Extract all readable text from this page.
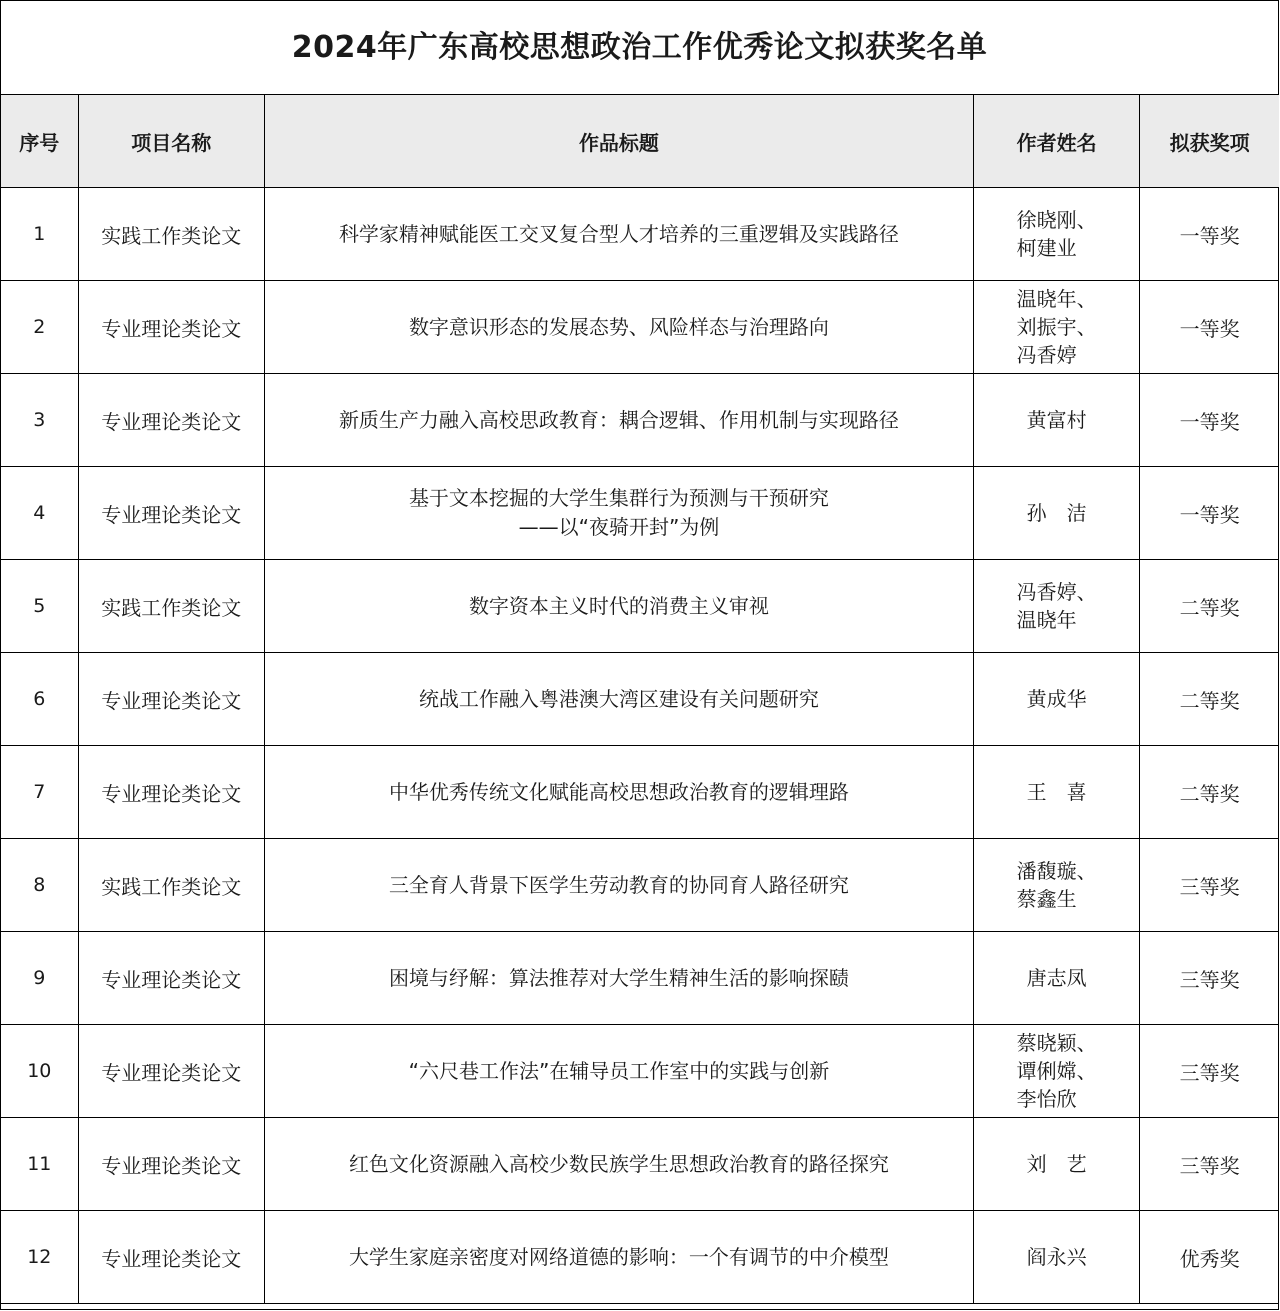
2024年广东高校思想政治工作优秀论文拟获奖名单
序号	项目名称	作品标题	作者姓名	拟获奖项
1	实践工作类论文	科学家精神赋能医工交叉复合型人才培养的三重逻辑及实践路径	徐晓刚、
柯建业	一等奖
2	专业理论类论文	数字意识形态的发展态势、风险样态与治理路向	温晓年、
刘振宇、
冯香婷	一等奖
3	专业理论类论文	新质生产力融入高校思政教育：耦合逻辑、作用机制与实现路径	黄富村	一等奖
4	专业理论类论文	基于文本挖掘的大学生集群行为预测与干预研究
——以“夜骑开封”为例	孙　洁	一等奖
5	实践工作类论文	数字资本主义时代的消费主义审视	冯香婷、
温晓年	二等奖
6	专业理论类论文	统战工作融入粤港澳大湾区建设有关问题研究	黄成华	二等奖
7	专业理论类论文	中华优秀传统文化赋能高校思想政治教育的逻辑理路	王　喜	二等奖
8	实践工作类论文	三全育人背景下医学生劳动教育的协同育人路径研究	潘馥璇、
蔡鑫生	三等奖
9	专业理论类论文	困境与纾解：算法推荐对大学生精神生活的影响探赜	唐志凤	三等奖
10	专业理论类论文	“六尺巷工作法”在辅导员工作室中的实践与创新	蔡晓颖、
谭俐嫦、
李怡欣	三等奖
11	专业理论类论文	红色文化资源融入高校少数民族学生思想政治教育的路径探究	刘　艺	三等奖
12	专业理论类论文	大学生家庭亲密度对网络道德的影响：一个有调节的中介模型	阎永兴	优秀奖
